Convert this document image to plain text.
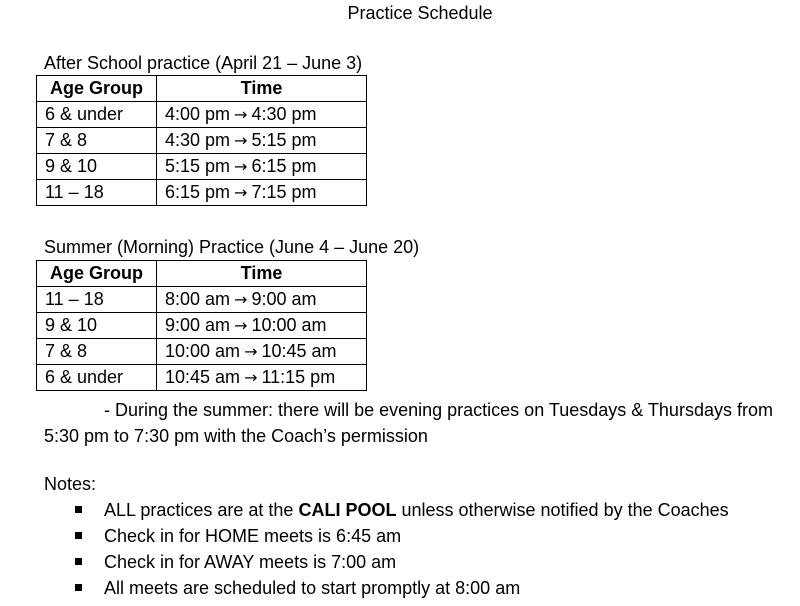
Practice Schedule
After School practice (April 21 – June 3)
Age Group	Time
6 & under	4:00 pm → 4:30 pm
7 & 8	4:30 pm → 5:15 pm
9 & 10	5:15 pm → 6:15 pm
11 – 18	6:15 pm → 7:15 pm
Summer (Morning) Practice (June 4 – June 20)
Age Group	Time
11 – 18	8:00 am → 9:00 am
9 & 10	9:00 am → 10:00 am
7 & 8	10:00 am → 10:45 am
6 & under	10:45 am → 11:15 pm
- During the summer: there will be evening practices on Tuesdays & Thursdays from 5:30 pm to 7:30 pm with the Coach’s permission
Notes:
ALL practices are at the CALI POOL unless otherwise notified by the Coaches
Check in for HOME meets is 6:45 am
Check in for AWAY meets is 7:00 am
All meets are scheduled to start promptly at 8:00 am
